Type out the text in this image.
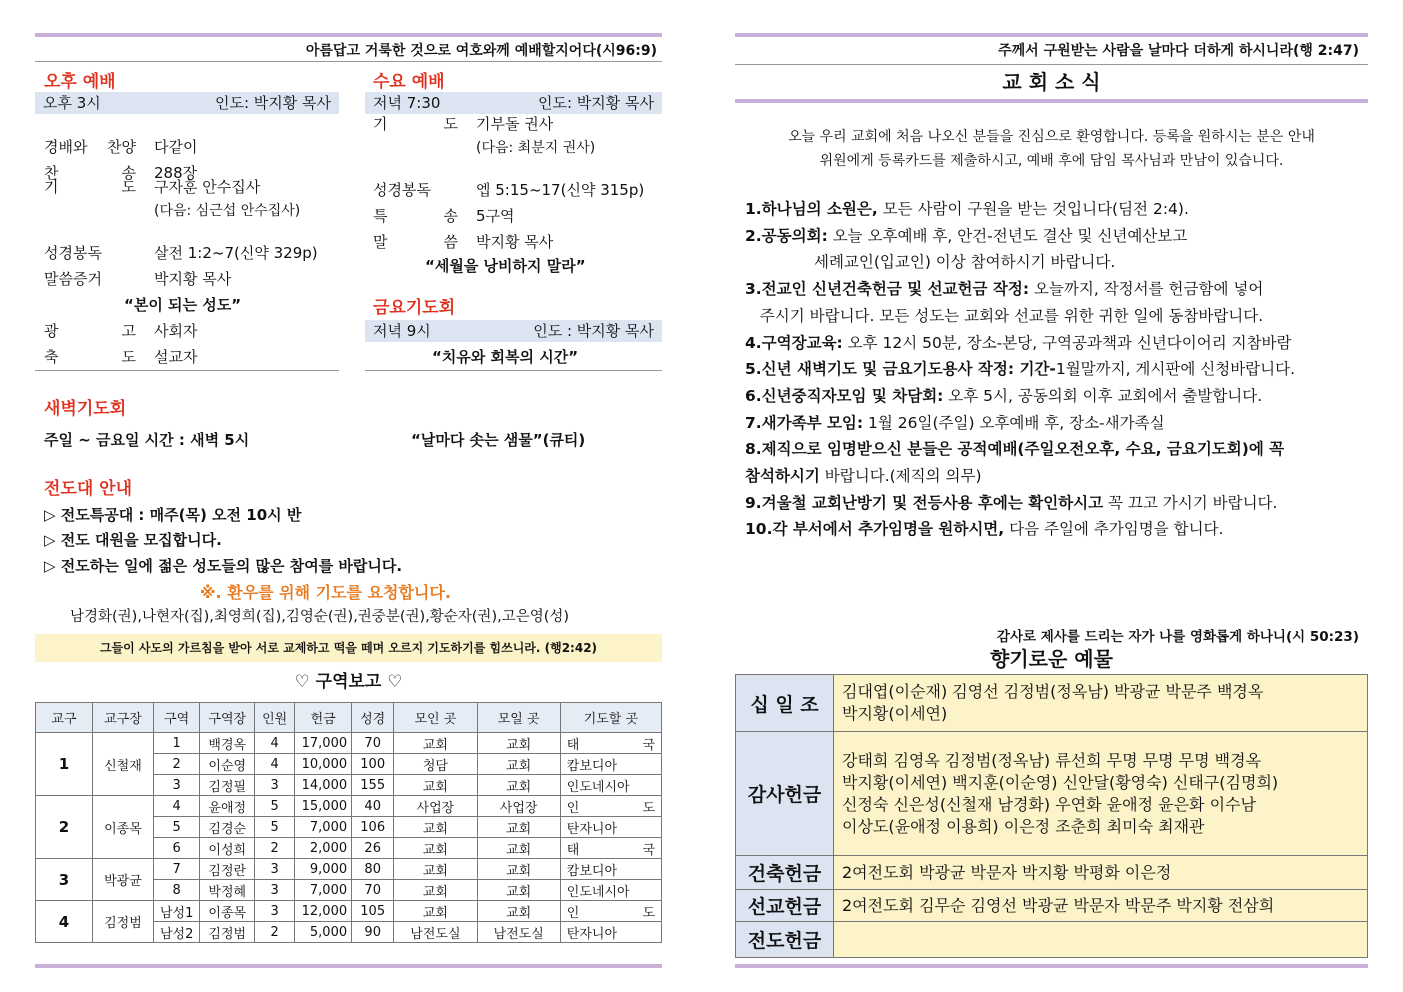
아름답고 거룩한 것으로 여호와께 예배할지어다(시96:9)
오후 예배
오후 3시	인도: 박지황 목사
경배와 찬양 다같이
찬 송 288장
기 도 구자훈 안수집사
(다음: 심근섭 안수집사)
성경봉독	살전 1:2~7(신약 329p)
말씀증거	박지황 목사
“본이 되는 성도”
광 고 사회자
축 도 설교자
수요 예배
저녁 7:30	인도: 박지황 목사
기 도 기부돌 권사
(다음: 최분지 권사)
성경봉독	엡 5:15~17(신약 315p)
특 송 5구역
말 씀 박지황 목사
“세월을 낭비하지 말라”
금요기도회
저녁 9시	인도 : 박지황 목사
“치유와 회복의 시간”
새벽기도회
주일 ~ 금요일 시간 : 새벽 5시	“날마다 솟는 샘물”(큐티)
전도대 안내
▷ 전도특공대 : 매주(목) 오전 10시 반
▷ 전도 대원을 모집합니다.
▷ 전도하는 일에 젊은 성도들의 많은 참여를 바랍니다.
※. 환우를 위해 기도를 요청합니다.
남경화(권),나현자(집),최영희(집),김영순(권),권중분(권),황순자(권),고은영(성)
그들이 사도의 가르침을 받아 서로 교제하고 떡을 떼며 오르지 기도하기를 힘쓰니라. (행2:42)
♡ 구역보고 ♡
교구	교구장	구역	구역장	인원	헌금	성경	모인 곳	모일 곳	기도할 곳
1	신철재	1	백경옥	4	17,000	70	교회	교회	태 국
		2	이순영	4	10,000	100	청담	교회	캄보디아
		3	김정필	3	14,000	155	교회	교회	인도네시아
2	이종목	4	윤애정	5	15,000	40	사업장	사업장	인 도
		5	김경순	5	7,000	106	교회	교회	탄자니아
		6	이성희	2	2,000	26	교회	교회	태 국
3	박광균	7	김정란	3	9,000	80	교회	교회	캄보디아
		8	박정혜	3	7,000	70	교회	교회	인도네시아
4	김정범	남성1	이종목	3	12,000	105	교회	교회	인 도
		남성2	김정범	2	5,000	90	남전도실	남전도실	탄자니아
주께서 구원받는 사람을 날마다 더하게 하시니라(행 2:47)
교 회 소 식
오늘 우리 교회에 처음 나오신 분들을 진심으로 환영합니다. 등록을 원하시는 분은 안내
위원에게 등록카드를 제출하시고, 예배 후에 담임 목사님과 만남이 있습니다.
1.하나님의 소원은, 모든 사람이 구원을 받는 것입니다(딤전 2:4).
2.공동의회: 오늘 오후예배 후, 안건-전년도 결산 및 신년예산보고
세례교인(입교인) 이상 참여하시기 바랍니다.
3.전교인 신년건축헌금 및 선교헌금 작정: 오늘까지, 작정서를 헌금함에 넣어
주시기 바랍니다. 모든 성도는 교회와 선교를 위한 귀한 일에 동참바랍니다.
4.구역장교육: 오후 12시 50분, 장소-본당, 구역공과책과 신년다이어리 지참바람
5.신년 새벽기도 및 금요기도용사 작정: 기간-1월말까지, 게시판에 신청바랍니다.
6.신년중직자모임 및 차담회: 오후 5시, 공동의회 이후 교회에서 출발합니다.
7.새가족부 모임: 1월 26일(주일) 오후예배 후, 장소-새가족실
8.제직으로 임명받으신 분들은 공적예배(주일오전오후, 수요, 금요기도회)에 꼭
참석하시기 바랍니다.(제직의 의무)
9.겨울철 교회난방기 및 전등사용 후에는 확인하시고 꼭 끄고 가시기 바랍니다.
10.각 부서에서 추가임명을 원하시면, 다음 주일에 추가임명을 합니다.
감사로 제사를 드리는 자가 나를 영화롭게 하나니(시 50:23)
향기로운 예물
십 일 조	김대엽(이순재) 김영선 김정범(정옥남) 박광균 박문주 백경옥
박지황(이세연)

감사헌금	강태희 김영옥 김정범(정옥남) 류선희 무명 무명 무명 백경옥
박지황(이세연) 백지훈(이순영) 신안달(황영숙) 신태구(김명희)
신정숙 신은성(신철재 남경화) 우연화 윤애정 윤은화 이수남
이상도(윤애정 이용희) 이은정 조춘희 최미숙 최재관

건축헌금	2여전도회 박광균 박문자 박지황 박평화 이은정

선교헌금	2여전도회 김무순 김영선 박광균 박문자 박문주 박지황 전삼희

전도헌금	
